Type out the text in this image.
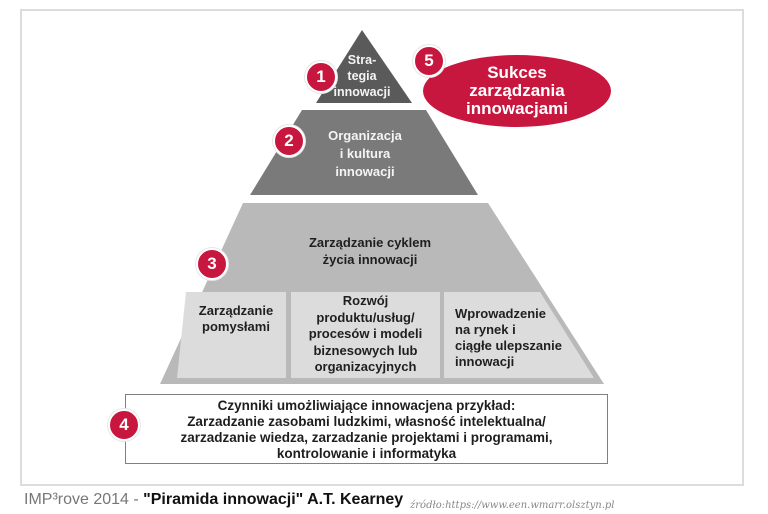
Stra-
tegia
innowacji
Organizacja
i kultura
innowacji
Zarządzanie cyklem
życia innowacji
Zarządzanie
pomysłami
Rozwój
produktu/usług/
procesów i modeli
biznesowych lub
organizacyjnych
Wprowadzenie
na rynek i
ciągłe ulepszanie
innowacji
Czynniki umożliwiające innowacjena przykład:
Zarzadzanie zasobami ludzkimi, własność intelektualna/
zarzadzanie wiedza, zarzadzanie projektami i programami,
kontrolowanie i informatyka
Sukces
zarządzania
innowacjami
1
2
3
4
5
IMP³rove 2014 - "Piramida innowacji" A.T. Kearney źródło:https://www.een.wmarr.olsztyn.pl
